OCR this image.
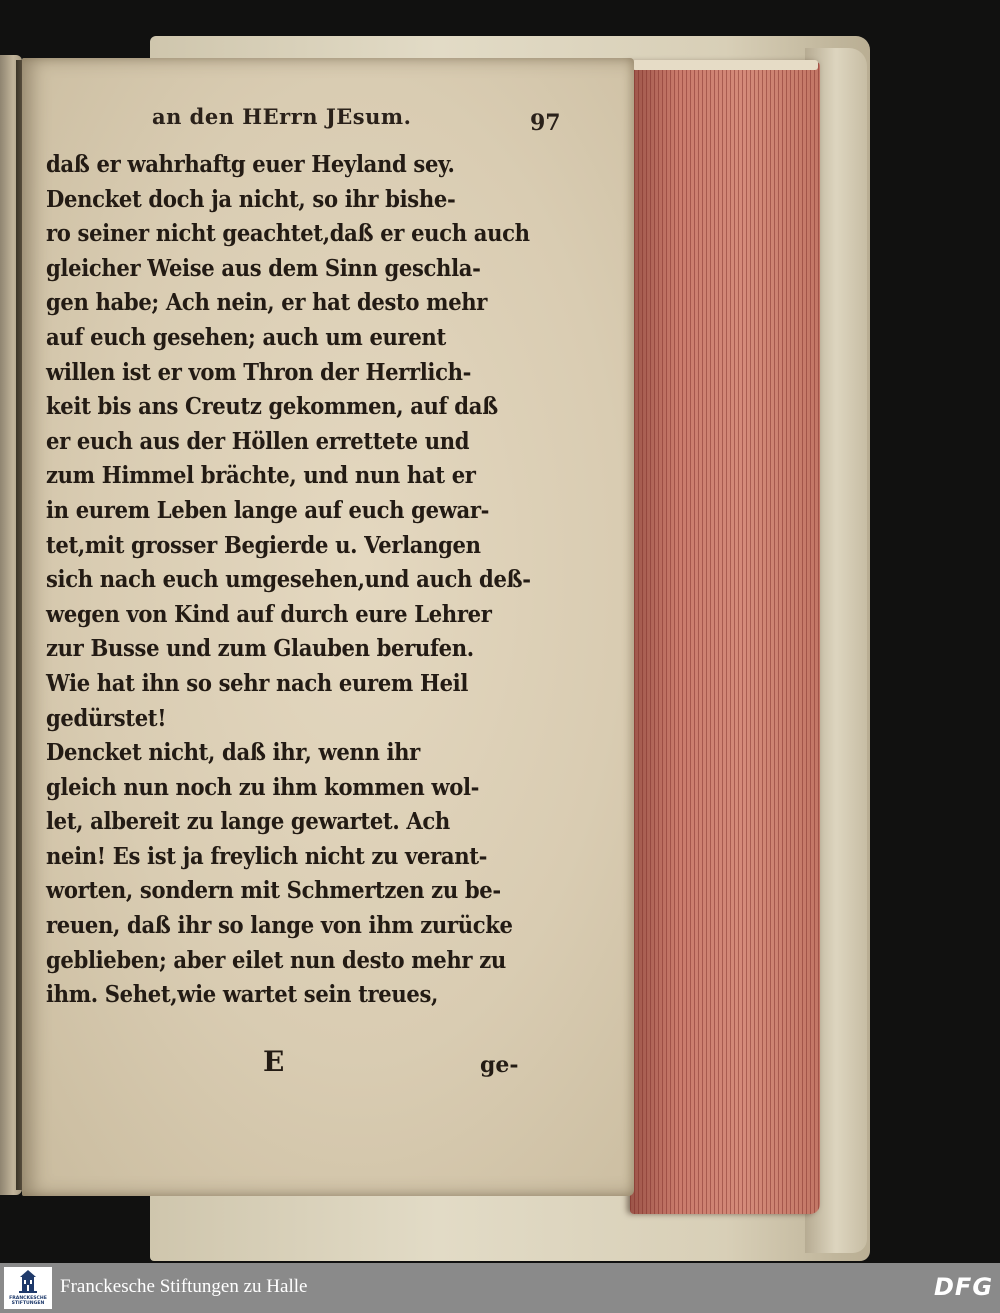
an den HErrn JEsum.	97
daß er wahrhaftg euer Heyland sey.
Dencket doch ja nicht, so ihr bishe-
ro seiner nicht geachtet,daß er euch auch
gleicher Weise aus dem Sinn geschla-
gen habe; Ach nein, er hat desto mehr
auf euch gesehen; auch um eurent
willen ist er vom Thron der Herrlich-
keit bis ans Creutz gekommen, auf daß
er euch aus der Höllen errettete und
zum Himmel brächte, und nun hat er
in eurem Leben lange auf euch gewar-
tet,mit grosser Begierde u. Verlangen
sich nach euch umgesehen,und auch deß-
wegen von Kind auf durch eure Lehrer
zur Busse und zum Glauben berufen.
Wie hat ihn so sehr nach eurem Heil
gedürstet!
Dencket nicht, daß ihr, wenn ihr
gleich nun noch zu ihm kommen wol-
let, albereit zu lange gewartet. Ach
nein! Es ist ja freylich nicht zu verant-
worten, sondern mit Schmertzen zu be-
reuen, daß ihr so lange von ihm zurücke
geblieben; aber eilet nun desto mehr zu
ihm. Sehet,wie wartet sein treues,
E	ge-
FRANCKESCHE
STIFTUNGEN
Franckesche Stiftungen zu Halle	DFG
